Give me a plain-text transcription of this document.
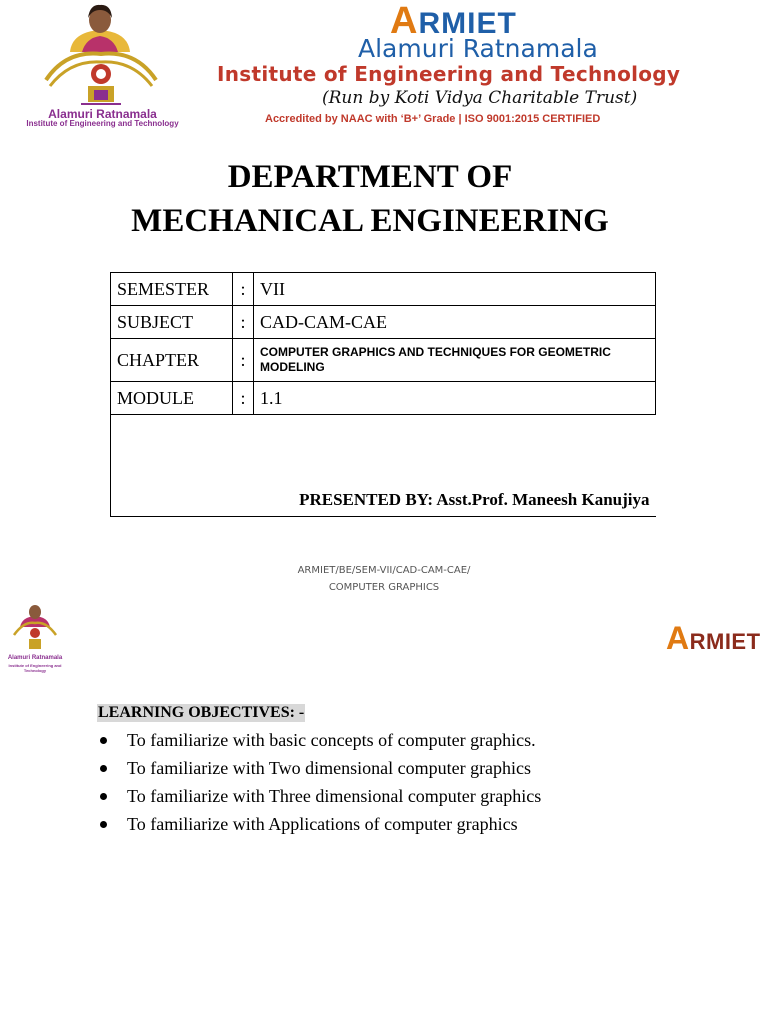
Alamuri Ratnamala
Institute of Engineering and Technology
ARMIET
Alamuri Ratnamala
Institute of Engineering and Technology
(Run by Koti Vidya Charitable Trust)
Accredited by NAAC with ‘B+’ Grade | ISO 9001:2015 CERTIFIED
DEPARTMENT OF
MECHANICAL ENGINEERING
SEMESTER	:	VII
SUBJECT	:	CAD-CAM-CAE
CHAPTER	:	COMPUTER GRAPHICS AND TECHNIQUES FOR GEOMETRIC MODELING
MODULE	:	1.1
PRESENTED BY: Asst.Prof. Maneesh Kanujiya		
ARMIET/BE/SEM-VII/CAD-CAM-CAE/
COMPUTER GRAPHICS
Alamuri Ratnamala
Institute of Engineering and Technology
ARMIET
LEARNING OBJECTIVES: -
To familiarize with basic concepts of computer graphics.
To familiarize with Two dimensional computer graphics
To familiarize with Three dimensional computer graphics
To familiarize with Applications of computer graphics
